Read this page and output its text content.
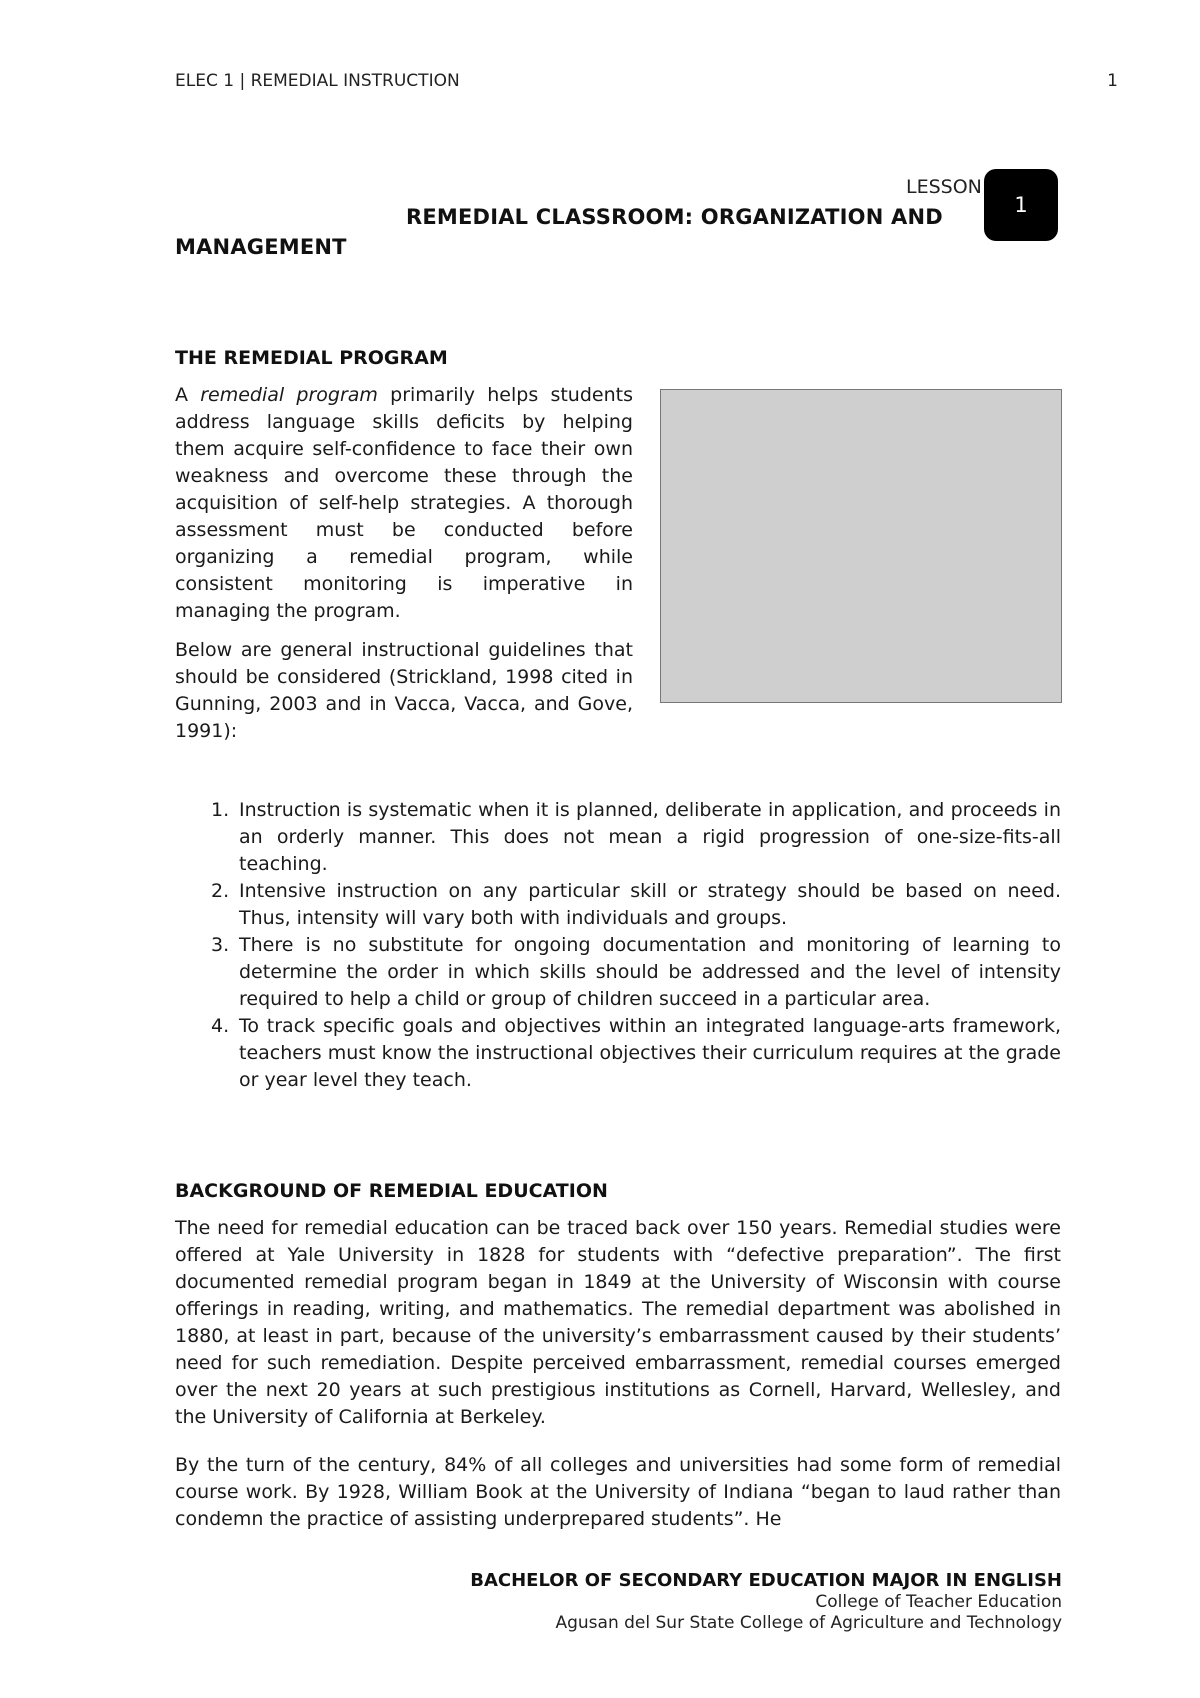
ELEC 1 | REMEDIAL INSTRUCTION	1
LESSON
1
REMEDIAL CLASSROOM: ORGANIZATION AND
MANAGEMENT
THE REMEDIAL PROGRAM

A remedial program primarily helps students address language skills deficits by helping them acquire self-confidence to face their own weakness and overcome these through the acquisition of self-help strategies. A thorough assessment must be conducted before organizing a remedial program, while consistent monitoring is imperative in managing the program.

Below are general instructional guidelines that should be considered (Strickland, 1998 cited in Gunning, 2003 and in Vacca, Vacca, and Gove, 1991):

1. Instruction is systematic when it is planned, deliberate in application, and proceeds in an orderly manner. This does not mean a rigid progression of one-size-fits-all teaching.
2. Intensive instruction on any particular skill or strategy should be based on need. Thus, intensity will vary both with individuals and groups.
3. There is no substitute for ongoing documentation and monitoring of learning to determine the order in which skills should be addressed and the level of intensity required to help a child or group of children succeed in a particular area.
4. To track specific goals and objectives within an integrated language-arts framework, teachers must know the instructional objectives their curriculum requires at the grade or year level they teach.
BACKGROUND OF REMEDIAL EDUCATION

The need for remedial education can be traced back over 150 years. Remedial studies were offered at Yale University in 1828 for students with “defective preparation”. The first documented remedial program began in 1849 at the University of Wisconsin with course offerings in reading, writing, and mathematics. The remedial department was abolished in 1880, at least in part, because of the university’s embarrassment caused by their students’ need for such remediation. Despite perceived embarrassment, remedial courses emerged over the next 20 years at such prestigious institutions as Cornell, Harvard, Wellesley, and the University of California at Berkeley.

By the turn of the century, 84% of all colleges and universities had some form of remedial course work. By 1928, William Book at the University of Indiana “began to laud rather than condemn the practice of assisting underprepared students”. He

BACHELOR OF SECONDARY EDUCATION MAJOR IN ENGLISH
College of Teacher Education
Agusan del Sur State College of Agriculture and Technology
